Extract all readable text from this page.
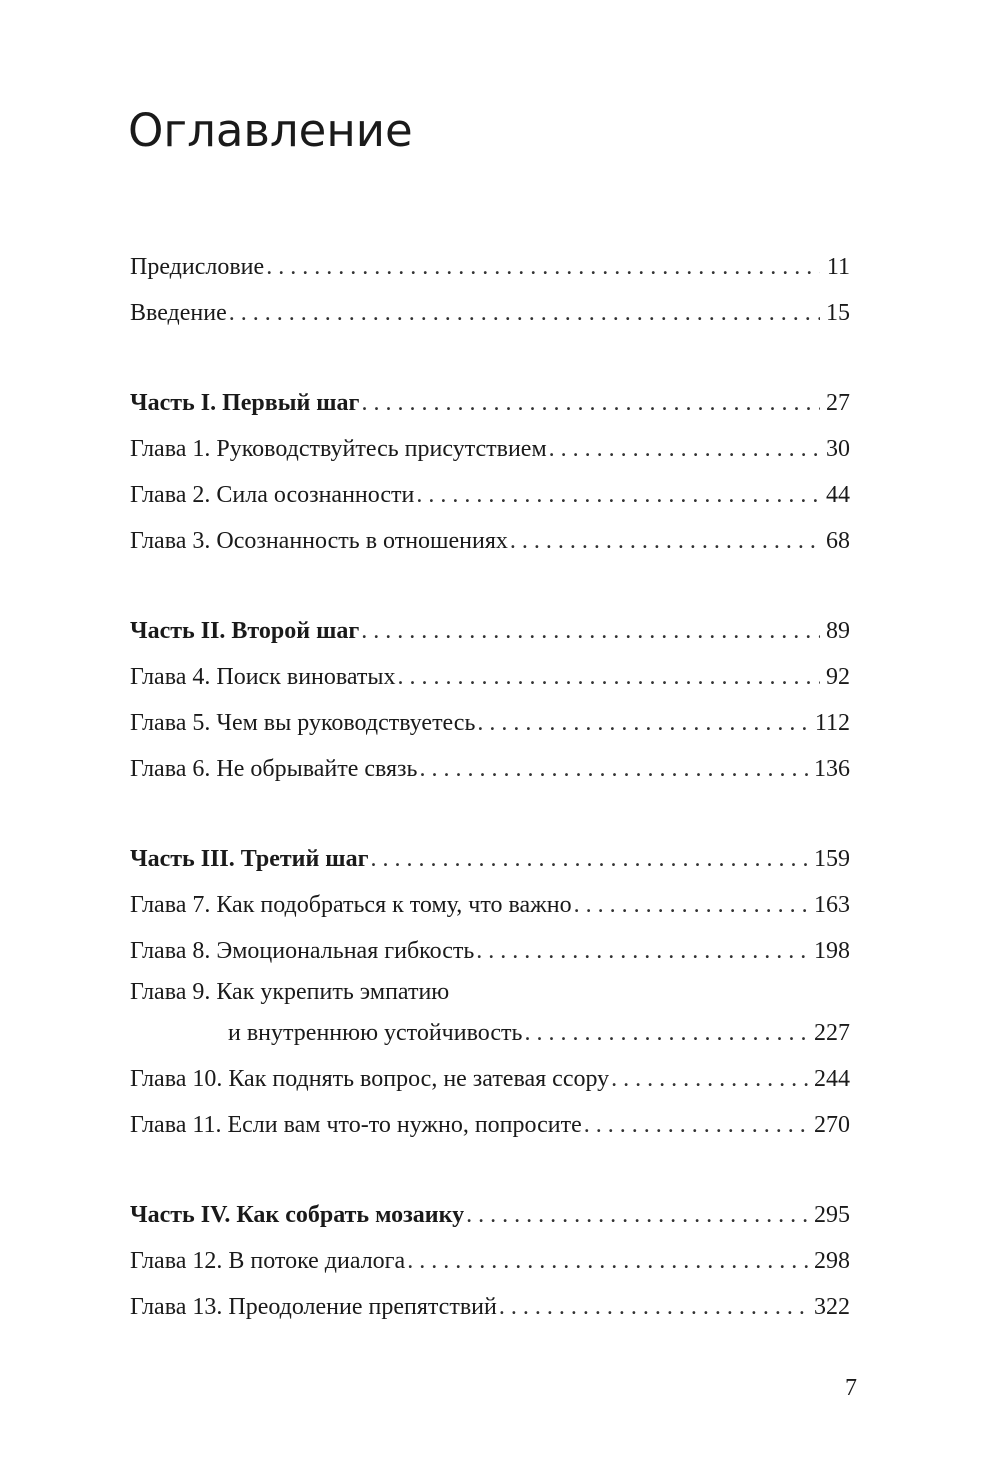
Оглавление
Предисловие . . .	11
Введение . . .	15
Часть I. Первый шаг . . .	27
Глава 1. Руководствуйтесь присутствием . . .	30
Глава 2. Сила осознанности . . .	44
Глава 3. Осознанность в отношениях . . .	68
Часть II. Второй шаг . . .	89
Глава 4. Поиск виноватых . . .	92
Глава 5. Чем вы руководствуетесь . . .	112
Глава 6. Не обрывайте связь . . .	136
Часть III. Третий шаг . . .	159
Глава 7. Как подобраться к тому, что важно . . .	163
Глава 8. Эмоциональная гибкость . . .	198
Глава 9. Как укрепить эмпатию
и внутреннюю устойчивость . . .	227
Глава 10. Как поднять вопрос, не затевая ссору . . .	244
Глава 11. Если вам что-то нужно, попросите . . .	270
Часть IV. Как собрать мозаику . . .	295
Глава 12. В потоке диалога . . .	298
Глава 13. Преодоление препятствий . . .	322
7
